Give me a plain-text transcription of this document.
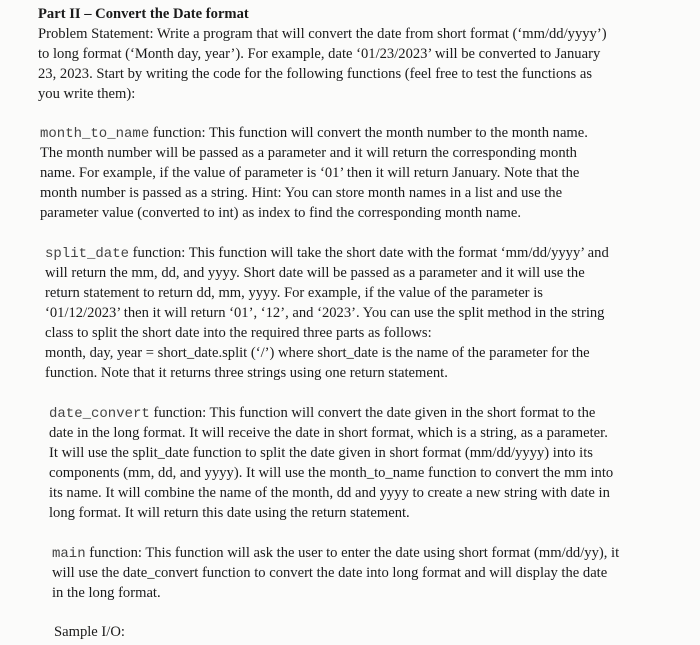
Part II – Convert the Date format
Problem Statement: Write a program that will convert the date from short format (‘mm/dd/yyyy’)
to long format (‘Month day, year’). For example, date ‘01/23/2023’ will be converted to January
23, 2023. Start by writing the code for the following functions (feel free to test the functions as
you write them):
month_to_name function: This function will convert the month number to the month name.
The month number will be passed as a parameter and it will return the corresponding month
name. For example, if the value of parameter is ‘01’ then it will return January. Note that the
month number is passed as a string. Hint: You can store month names in a list and use the
parameter value (converted to int) as index to find the corresponding month name.
split_date function: This function will take the short date with the format ‘mm/dd/yyyy’ and
will return the mm, dd, and yyyy. Short date will be passed as a parameter and it will use the
return statement to return dd, mm, yyyy. For example, if the value of the parameter is
‘01/12/2023’ then it will return ‘01’, ‘12’, and ‘2023’. You can use the split method in the string
class to split the short date into the required three parts as follows:
month, day, year = short_date.split (‘/’) where short_date is the name of the parameter for the
function. Note that it returns three strings using one return statement.
date_convert function: This function will convert the date given in the short format to the
date in the long format. It will receive the date in short format, which is a string, as a parameter.
It will use the split_date function to split the date given in short format (mm/dd/yyyy) into its
components (mm, dd, and yyyy). It will use the month_to_name function to convert the mm into
its name. It will combine the name of the month, dd and yyyy to create a new string with date in
long format. It will return this date using the return statement.
main function: This function will ask the user to enter the date using short format (mm/dd/yy), it
will use the date_convert function to convert the date into long format and will display the date
in the long format.
Sample I/O:
